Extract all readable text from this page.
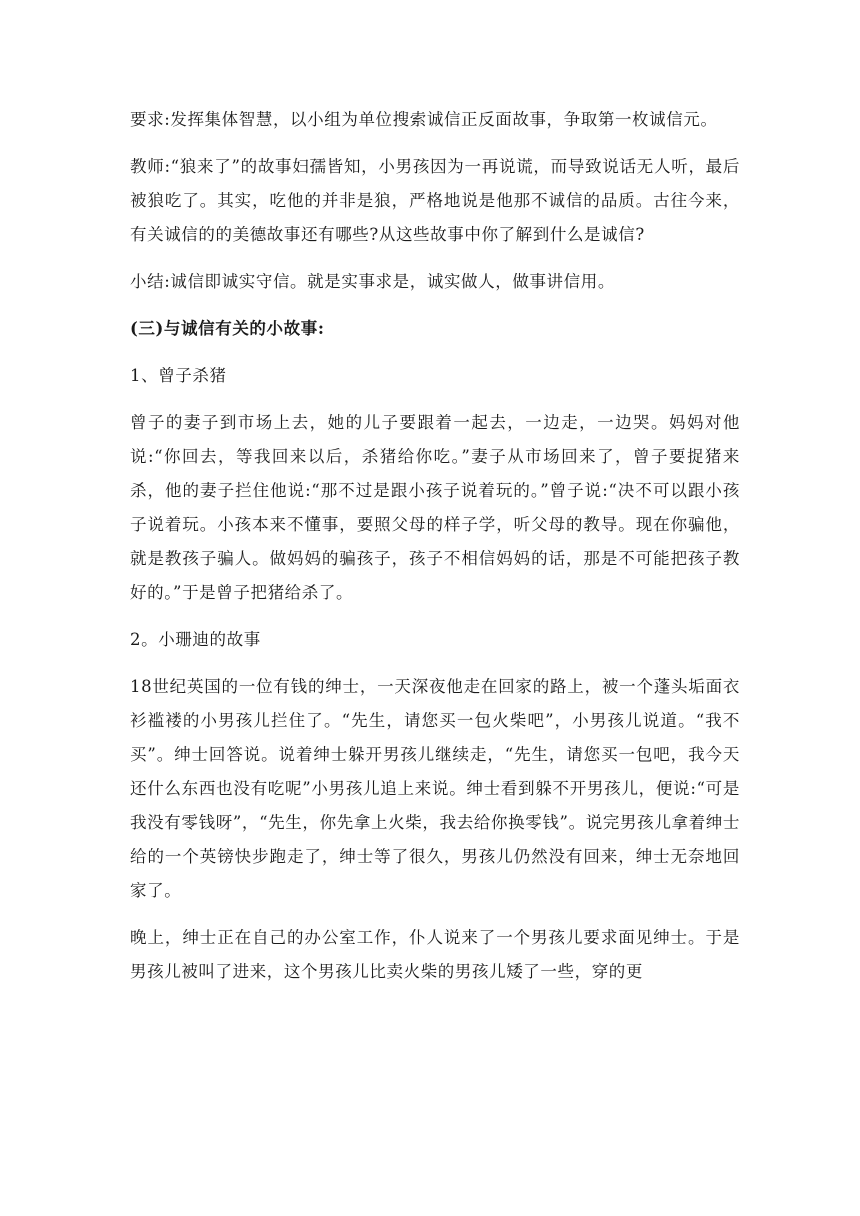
要求:发挥集体智慧，以小组为单位搜索诚信正反面故事，争取第一枚诚信元。

教师:“狼来了”的故事妇孺皆知，小男孩因为一再说谎，而导致说话无人听，最后被狼吃了。其实，吃他的并非是狼，严格地说是他那不诚信的品质。古往今来，有关诚信的的美德故事还有哪些?从这些故事中你了解到什么是诚信?

小结:诚信即诚实守信。就是实事求是，诚实做人，做事讲信用。

(三)与诚信有关的小故事:

1、曾子杀猪

曾子的妻子到市场上去，她的儿子要跟着一起去，一边走，一边哭。妈妈对他说:“你回去，等我回来以后，杀猪给你吃。”妻子从市场回来了，曾子要捉猪来杀，他的妻子拦住他说:“那不过是跟小孩子说着玩的。”曾子说:“决不可以跟小孩子说着玩。小孩本来不懂事，要照父母的样子学，听父母的教导。现在你骗他，就是教孩子骗人。做妈妈的骗孩子，孩子不相信妈妈的话，那是不可能把孩子教好的。”于是曾子把猪给杀了。

2。小珊迪的故事

18世纪英国的一位有钱的绅士，一天深夜他走在回家的路上，被一个蓬头垢面衣衫褴褛的小男孩儿拦住了。“先生，请您买一包火柴吧”，小男孩儿说道。“我不买”。绅士回答说。说着绅士躲开男孩儿继续走，“先生，请您买一包吧，我今天还什么东西也没有吃呢”小男孩儿追上来说。绅士看到躲不开男孩儿，便说:“可是我没有零钱呀”，“先生，你先拿上火柴，我去给你换零钱”。说完男孩儿拿着绅士给的一个英镑快步跑走了，绅士等了很久，男孩儿仍然没有回来，绅士无奈地回家了。

晚上，绅士正在自己的办公室工作，仆人说来了一个男孩儿要求面见绅士。于是男孩儿被叫了进来，这个男孩儿比卖火柴的男孩儿矮了一些，穿的更
